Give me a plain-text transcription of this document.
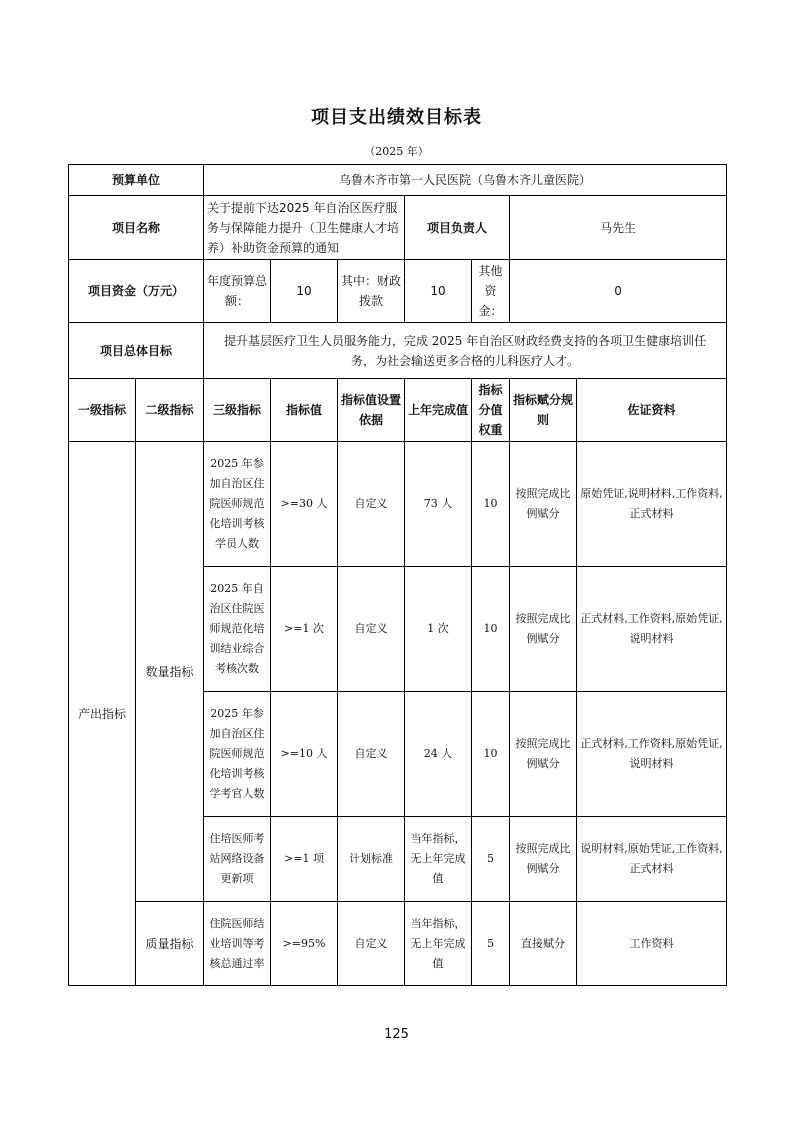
项目支出绩效目标表
（2025 年）
预算单位		乌鲁木齐市第一人民医院（乌鲁木齐儿童医院）						
项目名称		关于提前下达2025 年自治区医疗服务与保障能力提升（卫生健康人才培养）补助资金预算的通知			项目负责人		马先生	
项目资金（万元）		年度预算总额：	10	其中：财政拨款	10	其他资金：	0	
项目总体目标		提升基层医疗卫生人员服务能力，完成 2025 年自治区财政经费支持的各项卫生健康培训任务，为社会输送更多合格的儿科医疗人才。						
一级指标	二级指标	三级指标	指标值	指标值设置依据	上年完成值	指标分值权重	指标赋分规则	佐证资料
产出指标	数量指标	2025 年参加自治区住院医师规范化培训考核学员人数	>=30 人	自定义	73 人	10	按照完成比例赋分	原始凭证,说明材料,工作资料,正式材料
		2025 年自治区住院医师规范化培训结业综合考核次数	>=1 次	自定义	1 次	10	按照完成比例赋分	正式材料,工作资料,原始凭证,说明材料
		2025 年参加自治区住院医师规范化培训考核学考官人数	>=10 人	自定义	24 人	10	按照完成比例赋分	正式材料,工作资料,原始凭证,说明材料
		住培医师考站网络设备更新项	>=1 项	计划标准	当年指标，无上年完成值	5	按照完成比例赋分	说明材料,原始凭证,工作资料,正式材料
	质量指标	住院医师结业培训等考核总通过率	>=95%	自定义	当年指标，无上年完成值	5	直接赋分	工作资料
125
